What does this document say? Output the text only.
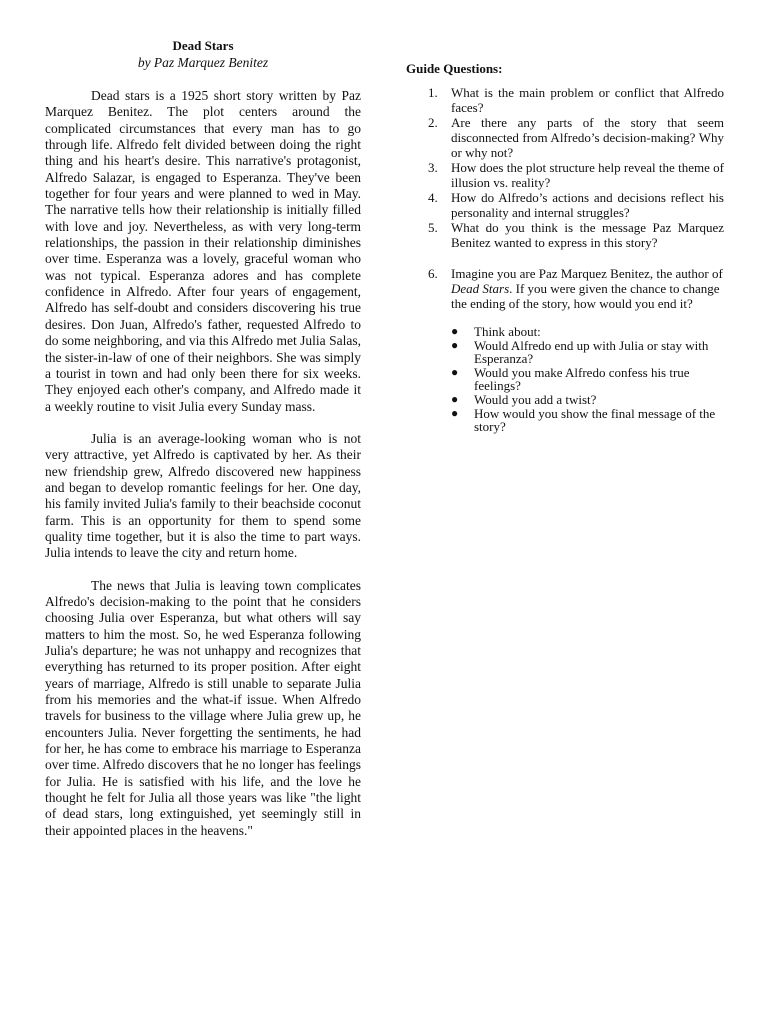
Dead Stars

by Paz Marquez Benitez

Dead stars is a 1925 short story written by Paz Marquez Benitez. The plot centers around the complicated circumstances that every man has to go through life. Alfredo felt divided between doing the right thing and his heart's desire. This narrative's protagonist, Alfredo Salazar, is engaged to Esperanza. They've been together for four years and were planned to wed in May. The narrative tells how their relationship is initially filled with love and joy. Nevertheless, as with very long-term relationships, the passion in their relationship diminishes over time. Esperanza was a lovely, graceful woman who was not typical. Esperanza adores and has complete confidence in Alfredo. After four years of engagement, Alfredo has self-doubt and considers discovering his true desires. Don Juan, Alfredo's father, requested Alfredo to do some neighboring, and via this Alfredo met Julia Salas, the sister-in-law of one of their neighbors. She was simply a tourist in town and had only been there for six weeks. They enjoyed each other's company, and Alfredo made it a weekly routine to visit Julia every Sunday mass.

Julia is an average-looking woman who is not very attractive, yet Alfredo is captivated by her. As their new friendship grew, Alfredo discovered new happiness and began to develop romantic feelings for her. One day, his family invited Julia's family to their beachside coconut farm. This is an opportunity for them to spend some quality time together, but it is also the time to part ways. Julia intends to leave the city and return home.

The news that Julia is leaving town complicates Alfredo's decision-making to the point that he considers choosing Julia over Esperanza, but what others will say matters to him the most. So, he wed Esperanza following Julia's departure; he was not unhappy and recognizes that everything has returned to its proper position. After eight years of marriage, Alfredo is still unable to separate Julia from his memories and the what-if issue. When Alfredo travels for business to the village where Julia grew up, he encounters Julia. Never forgetting the sentiments, he had for her, he has come to embrace his marriage to Esperanza over time. Alfredo discovers that he no longer has feelings for Julia. He is satisfied with his life, and the love he thought he felt for Julia all those years was like "the light of dead stars, long extinguished, yet seemingly still in their appointed places in the heavens."

Guide Questions:

1. What is the main problem or conflict that Alfredo faces?
2. Are there any parts of the story that seem disconnected from Alfredo’s decision-making? Why or why not?
3. How does the plot structure help reveal the theme of illusion vs. reality?
4. How do Alfredo’s actions and decisions reflect his personality and internal struggles?
5. What do you think is the message Paz Marquez Benitez wanted to express in this story?
6. Imagine you are Paz Marquez Benitez, the author of Dead Stars. If you were given the chance to change the ending of the story, how would you end it?
● Think about:
● Would Alfredo end up with Julia or stay with Esperanza?
● Would you make Alfredo confess his true feelings?
● Would you add a twist?
● How would you show the final message of the story?
